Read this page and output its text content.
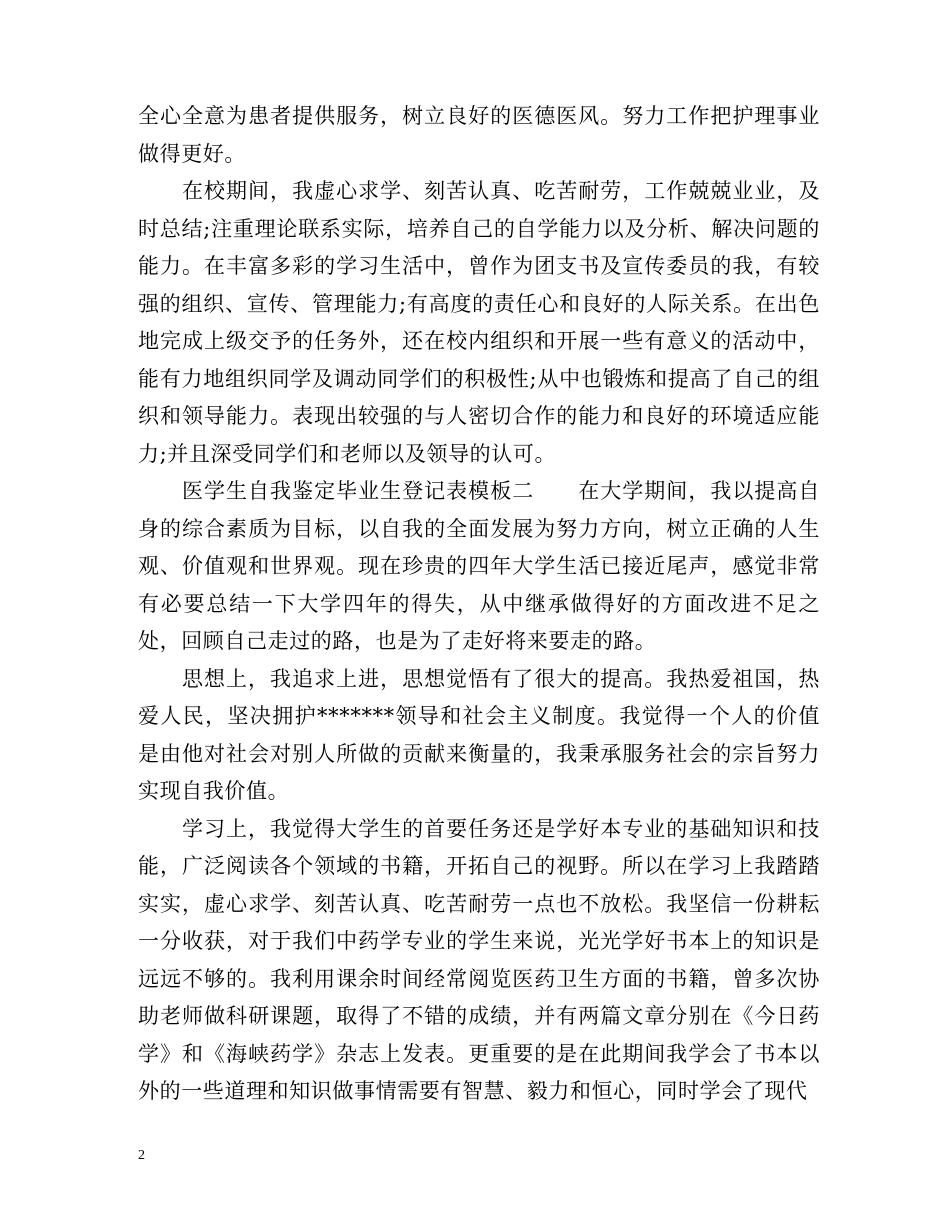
全心全意为患者提供服务，树立良好的医德医风。努力工作把护理事业做得更好。

在校期间，我虚心求学、刻苦认真、吃苦耐劳，工作兢兢业业，及时总结;注重理论联系实际，培养自己的自学能力以及分析、解决问题的能力。在丰富多彩的学习生活中，曾作为团支书及宣传委员的我，有较强的组织、宣传、管理能力;有高度的责任心和良好的人际关系。在出色地完成上级交予的任务外，还在校内组织和开展一些有意义的活动中，能有力地组织同学及调动同学们的积极性;从中也锻炼和提高了自己的组织和领导能力。表现出较强的与人密切合作的能力和良好的环境适应能力;并且深受同学们和老师以及领导的认可。

医学生自我鉴定毕业生登记表模板二　　在大学期间，我以提高自身的综合素质为目标，以自我的全面发展为努力方向，树立正确的人生观、价值观和世界观。现在珍贵的四年大学生活已接近尾声，感觉非常有必要总结一下大学四年的得失，从中继承做得好的方面改进不足之处，回顾自己走过的路，也是为了走好将来要走的路。

思想上，我追求上进，思想觉悟有了很大的提高。我热爱祖国，热爱人民，坚决拥护*******领导和社会主义制度。我觉得一个人的价值是由他对社会对别人所做的贡献来衡量的，我秉承服务社会的宗旨努力实现自我价值。

学习上，我觉得大学生的首要任务还是学好本专业的基础知识和技能，广泛阅读各个领域的书籍，开拓自己的视野。所以在学习上我踏踏实实，虚心求学、刻苦认真、吃苦耐劳一点也不放松。我坚信一份耕耘一分收获，对于我们中药学专业的学生来说，光光学好书本上的知识是远远不够的。我利用课余时间经常阅览医药卫生方面的书籍，曾多次协助老师做科研课题，取得了不错的成绩，并有两篇文章分别在《今日药学》和《海峡药学》杂志上发表。更重要的是在此期间我学会了书本以外的一些道理和知识做事情需要有智慧、毅力和恒心，同时学会了现代

2
